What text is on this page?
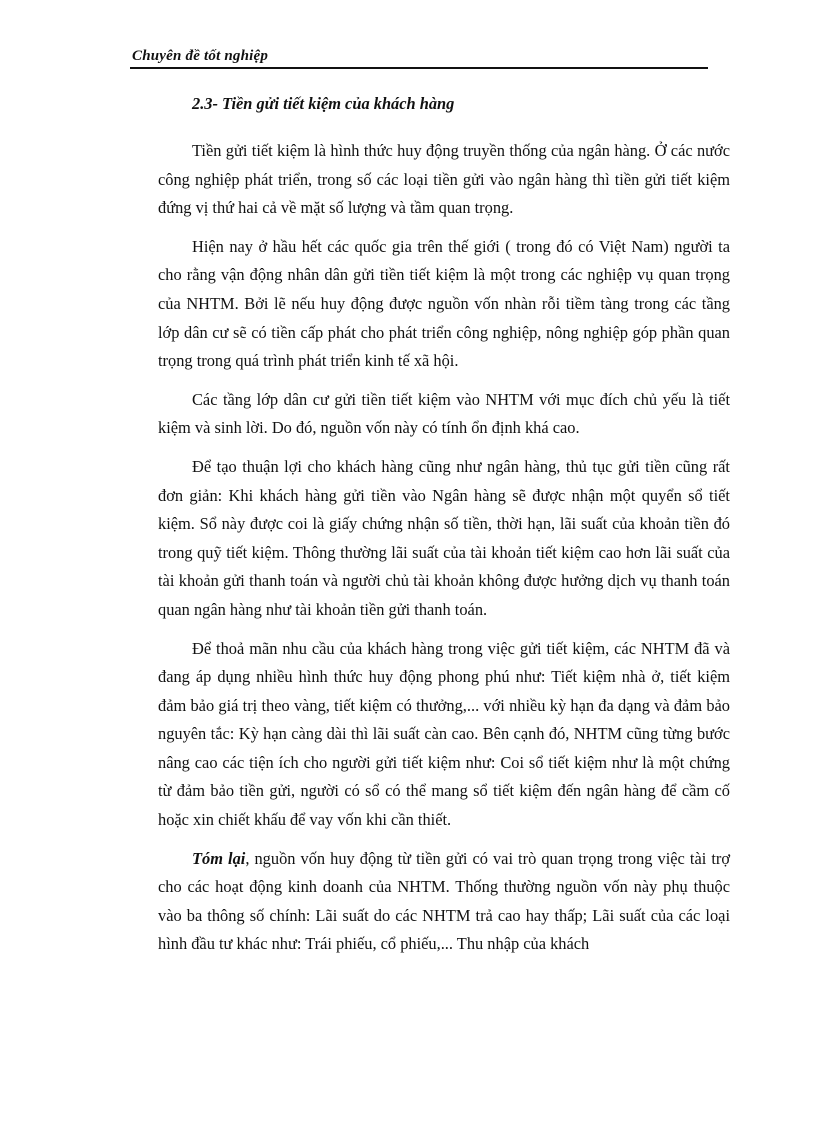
Chuyên đề tốt nghiệp
2.3- Tiền gửi tiết kiệm của khách hàng

Tiền gửi tiết kiệm là hình thức huy động truyền thống của ngân hàng. Ở các nước công nghiệp phát triển, trong số các loại tiền gửi vào ngân hàng thì tiền gửi tiết kiệm đứng vị thứ hai cả về mặt số lượng và tầm quan trọng.

Hiện nay ở hầu hết các quốc gia trên thế giới ( trong đó có Việt Nam) người ta cho rằng vận động nhân dân gửi tiền tiết kiệm là một trong các nghiệp vụ quan trọng của NHTM. Bởi lẽ nếu huy động được nguồn vốn nhàn rỗi tiềm tàng trong các tầng lớp dân cư sẽ có tiền cấp phát cho phát triển công nghiệp, nông nghiệp góp phần quan trọng trong quá trình phát triển kinh tế xã hội.

Các tầng lớp dân cư gửi tiền tiết kiệm vào NHTM với mục đích chủ yếu là tiết kiệm và sinh lời. Do đó, nguồn vốn này có tính ổn định khá cao.

Để tạo thuận lợi cho khách hàng cũng như ngân hàng, thủ tục gửi tiền cũng rất đơn giản: Khi khách hàng gửi tiền vào Ngân hàng sẽ được nhận một quyển sổ tiết kiệm. Sổ này được coi là giấy chứng nhận số tiền, thời hạn, lãi suất của khoản tiền đó trong quỹ tiết kiệm. Thông thường lãi suất của tài khoản tiết kiệm cao hơn lãi suất của tài khoản gửi thanh toán và người chủ tài khoản không được hưởng dịch vụ thanh toán quan ngân hàng như tài khoản tiền gửi thanh toán.

Để thoả mãn nhu cầu của khách hàng trong việc gửi tiết kiệm, các NHTM đã và đang áp dụng nhiều hình thức huy động phong phú như: Tiết kiệm nhà ở, tiết kiệm đảm bảo giá trị theo vàng, tiết kiệm có thưởng,... với nhiều kỳ hạn đa dạng và đảm bảo nguyên tắc: Kỳ hạn càng dài thì lãi suất càn cao. Bên cạnh đó, NHTM cũng từng bước nâng cao các tiện ích cho người gửi tiết kiệm như: Coi sổ tiết kiệm như là một chứng từ đảm bảo tiền gửi, người có sổ có thể mang sổ tiết kiệm đến ngân hàng để cầm cố hoặc xin chiết khấu để vay vốn khi cần thiết.

Tóm lại, nguồn vốn huy động từ tiền gửi có vai trò quan trọng trong việc tài trợ cho các hoạt động kinh doanh của NHTM. Thống thường nguồn vốn này phụ thuộc vào ba thông số chính: Lãi suất do các NHTM trả cao hay thấp; Lãi suất của các loại hình đầu tư khác như: Trái phiếu, cổ phiếu,... Thu nhập của khách
